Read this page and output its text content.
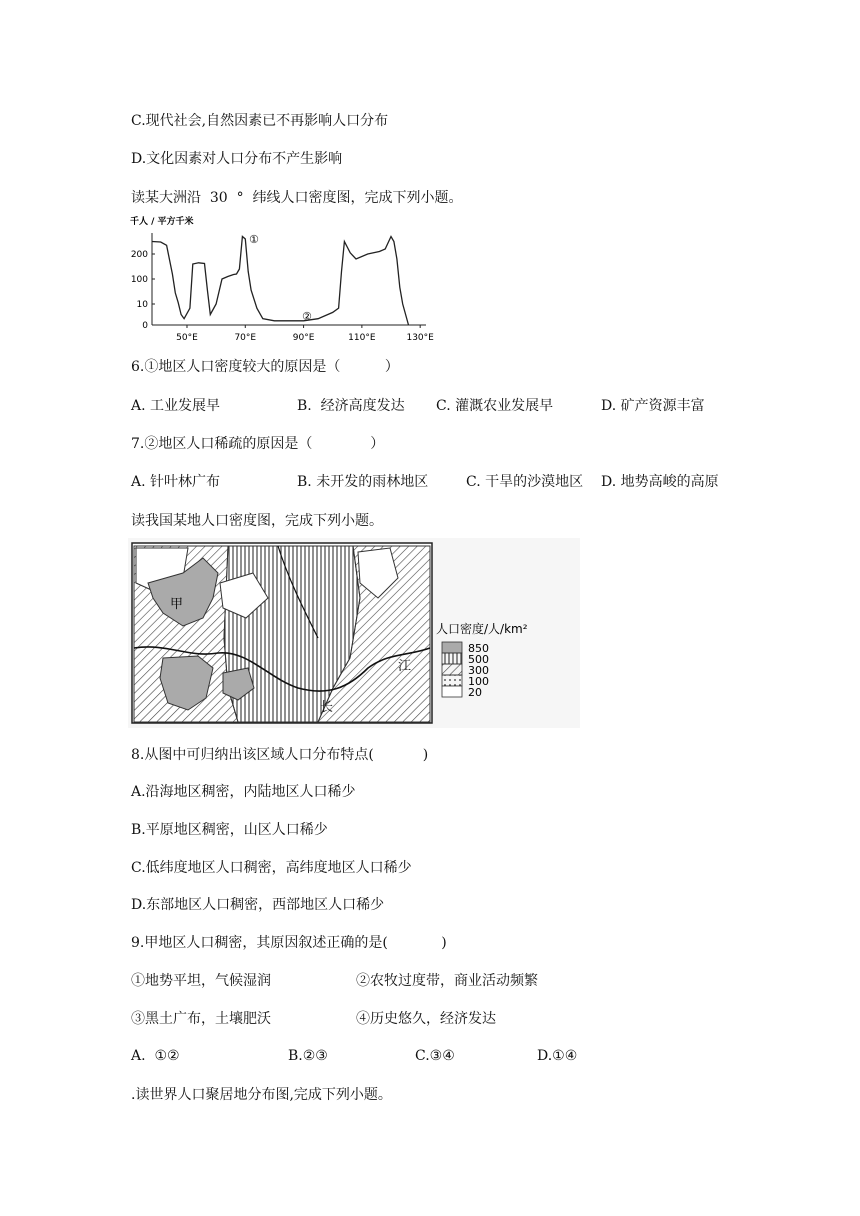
C.现代社会,自然因素已不再影响人口分布
D.文化因素对人口分布不产生影响
读某大洲沿  30  °  纬线人口密度图，完成下列小题。
千人 / 平方千米
200
100
10
0
50°E	70°E	90°E	110°E	130°E
①
②
6.①地区人口密度较大的原因是（          ）
A. 工业发展早	B.  经济高度发达 C. 灌溉农业发展早	D. 矿产资源丰富
7.②地区人口稀疏的原因是（             ）
A. 针叶林广布	B. 未开发的雨林地区	C. 干旱的沙漠地区 D. 地势高峻的高原
读我国某地人口密度图，完成下列小题。
甲
江
长
人口密度/人/km²
850
500
300
100
20
8.从图中可归纳出该区域人口分布特点(           )
A.沿海地区稠密，内陆地区人口稀少
B.平原地区稠密，山区人口稀少
C.低纬度地区人口稠密，高纬度地区人口稀少
D.东部地区人口稠密，西部地区人口稀少
9.甲地区人口稠密，其原因叙述正确的是(            )
①地势平坦，气候湿润	②农牧过度带，商业活动频繁
③黑土广布，土壤肥沃	④历史悠久，经济发达
A.  ①②	B.②③	C.③④	D.①④
.读世界人口聚居地分布图,完成下列小题。
